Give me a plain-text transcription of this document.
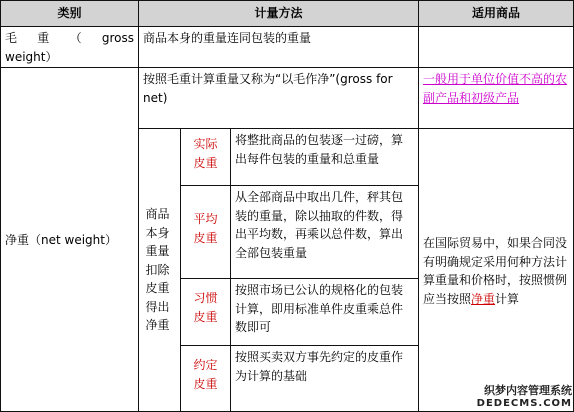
类别	计量方法	适用商品
毛 重 （ gross weight）
商品本身的重量连同包装的重量
净重（net weight）
按照毛重计算重量又称为“以毛作净”(gross for net)
一般用于单位价值不高的农副产品和初级产品
商品本身重量扣除皮重得出净重
实际皮重
将整批商品的包装逐一过磅，算出每件包装的重量和总重量
平均皮重
从全部商品中取出几件，秤其包装的重量，除以抽取的件数，得出平均数，再乘以总件数，算出全部包装重量
习惯皮重
按照市场已公认的规格化的包装计算，即用标准单件皮重乘总件数即可
约定皮重
按照买卖双方事先约定的皮重作为计算的基础
在国际贸易中，如果合同没有明确规定采用何种方法计算重量和价格时，按照惯例应当按照净重计算
织梦内容管理系统
DEDECMS.COM
